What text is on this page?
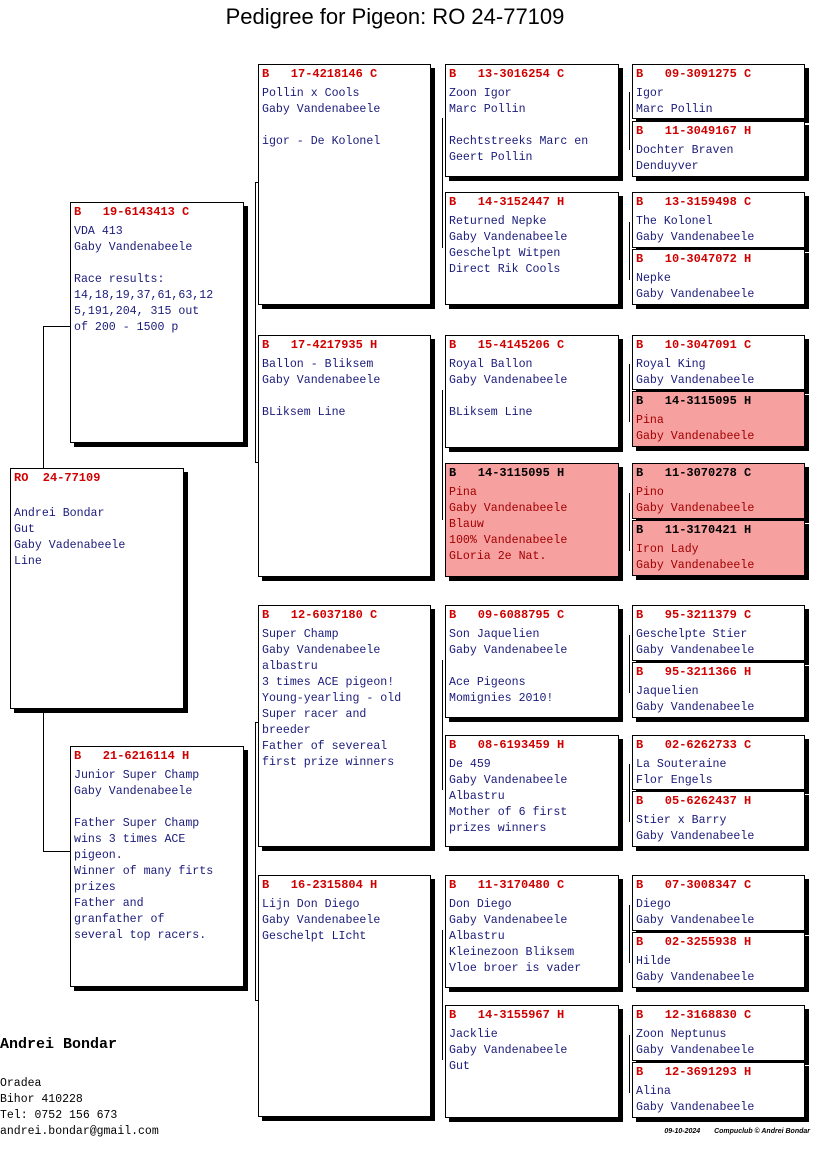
Pedigree for Pigeon: RO 24-77109
RO  24-77109
Andrei Bondar
Gut
Gaby Vadenabeele
Line
B   19-6143413 C
VDA 413
Gaby Vandenabeele
Race results:
14,18,19,37,61,63,12
5,191,204, 315 out
of 200 - 1500 p
B   21-6216114 H
Junior Super Champ
Gaby Vandenabeele
Father Super Champ
wins 3 times ACE
pigeon.
Winner of many firts
prizes
Father and
granfather of
several top racers.
B   17-4218146 C
Pollin x Cools
Gaby Vandenabeele
igor - De Kolonel
B   17-4217935 H
Ballon - Bliksem
Gaby Vandenabeele
BLiksem Line
B   12-6037180 C
Super Champ
Gaby Vandenabeele
albastru
3 times ACE pigeon!
Young-yearling - old
Super racer and
breeder
Father of severeal
first prize winners
B   16-2315804 H
Lijn Don Diego
Gaby Vandenabeele
Geschelpt LIcht
B   13-3016254 C
Zoon Igor
Marc Pollin
Rechtstreeks Marc en
Geert Pollin
B   14-3152447 H
Returned Nepke
Gaby Vandenabeele
Geschelpt Witpen
Direct Rik Cools
B   15-4145206 C
Royal Ballon
Gaby Vandenabeele
BLiksem Line
B   14-3115095 H
Pina
Gaby Vandenabeele
Blauw
100% Vandenabeele
GLoria 2e Nat.
B   09-6088795 C
Son Jaquelien
Gaby Vandenabeele
Ace Pigeons
Momignies 2010!
B   08-6193459 H
De 459
Gaby Vandenabeele
Albastru
Mother of 6 first
prizes winners
B   11-3170480 C
Don Diego
Gaby Vandenabeele
Albastru
Kleinezoon Bliksem
Vloe broer is vader
B   14-3155967 H
Jacklie
Gaby Vandenabeele
Gut
B   09-3091275 C
Igor
Marc Pollin
B   11-3049167 H
Dochter Braven
Denduyver
B   13-3159498 C
The Kolonel
Gaby Vandenabeele
B   10-3047072 H
Nepke
Gaby Vandenabeele
B   10-3047091 C
Royal King
Gaby Vandenabeele
B   14-3115095 H
Pina
Gaby Vandenabeele
B   11-3070278 C
Pino
Gaby Vandenabeele
B   11-3170421 H
Iron Lady
Gaby Vandenabeele
B   95-3211379 C
Geschelpte Stier
Gaby Vandenabeele
B   95-3211366 H
Jaquelien
Gaby Vandenabeele
B   02-6262733 C
La Souteraine
Flor Engels
B   05-6262437 H
Stier x Barry
Gaby Vandenabeele
B   07-3008347 C
Diego
Gaby Vandenabeele
B   02-3255938 H
Hilde
Gaby Vandenabeele
B   12-3168830 C
Zoon Neptunus
Gaby Vandenabeele
B   12-3691293 H
Alina
Gaby Vandenabeele
Andrei Bondar
Oradea
Bihor 410228
Tel: 0752 156 673
andrei.bondar@gmail.com	09-10-2024 Compuclub © Andrei Bondar
